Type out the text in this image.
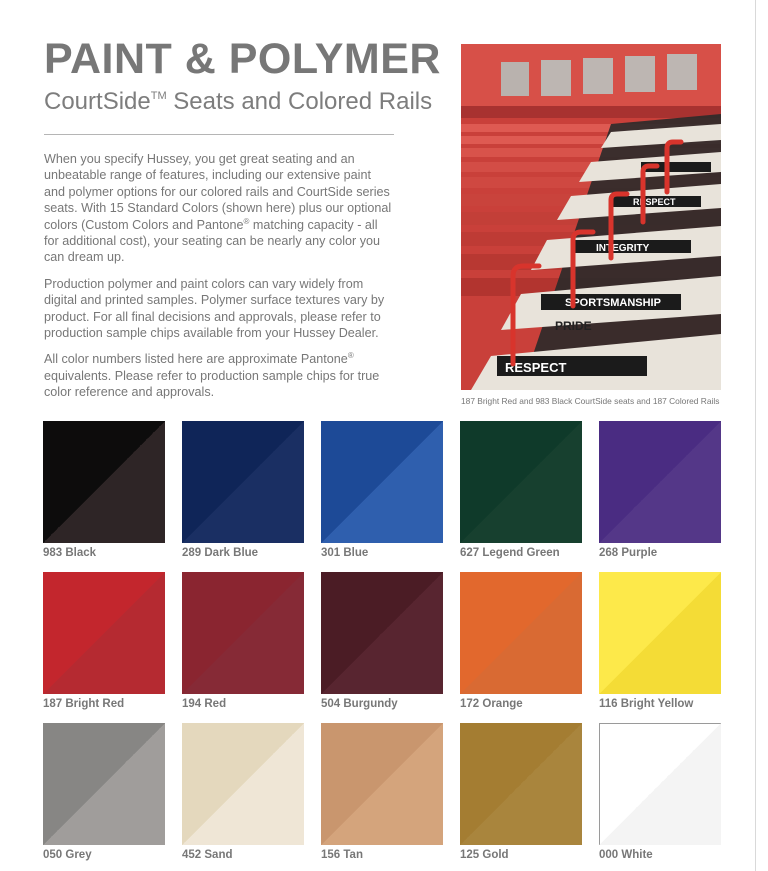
PAINT & POLYMER
CourtSide™ Seats and Colored Rails

When you specify Hussey, you get great seating and an unbeatable range of features, including our extensive paint and polymer options for our colored rails and CourtSide series seats. With 15 Standard Colors (shown here) plus our optional colors (Custom Colors and Pantone® matching capacity - all for additional cost), your seating can be nearly any color you can dream up.

Production polymer and paint colors can vary widely from digital and printed samples. Polymer surface textures vary by product. For all final decisions and approvals, please refer to production sample chips available from your Hussey Dealer.

All color numbers listed here are approximate Pantone® equivalents. Please refer to production sample chips for true color reference and approvals.

RESPECT
INTEGRITY
SPORTSMANSHIP
PRIDE
RESPECT
187 Bright Red and 983 Black CourtSide seats and 187 Colored Rails
983 Black	289 Dark Blue	301 Blue	627 Legend Green	268 Purple
187 Bright Red	194 Red	504 Burgundy	172 Orange	116 Bright Yellow
050 Grey	452 Sand	156 Tan	125 Gold	000 White
